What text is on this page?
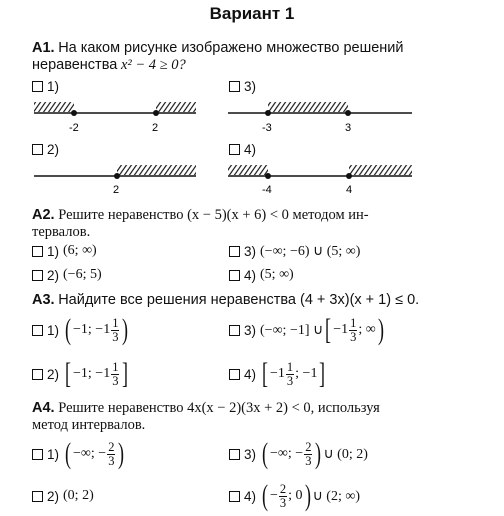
Вариант 1
А1. На каком рисунке изображено множество решений
неравенства x² − 4 ≥ 0?
1)	3)
2)	4)
-2	2	-3	3
2	-4	4
А2. Решите неравенство (x − 5)(x + 6) < 0 методом ин-
тервалов.
1) (6; ∞)	3) (−∞; −6) ∪ (5; ∞)
2) (−6; 5)	4) (5; ∞)
А3. Найдите все решения неравенства (4 + 3x)(x + 1) ≤ 0.
1) ( −1; $-1 \frac{1}{3}$ )	3) (−∞; −1] ∪ [ $-1 \frac{1}{3}$ ; ∞ )
2) [ −1; $-1 \frac{1}{3}$ ]	4) [ $-1 \frac{1}{3}$ ; −1 ]
А4. Решите неравенство 4x(x − 2)(3x + 2) < 0, используя
метод интервалов.
1) ( −∞; − $\frac{2}{3}$ )	3) ( −∞; − $\frac{2}{3}$ ) ∪ (0; 2)
2) (0; 2)	4) ( − $\frac{2}{3}$ ; 0 ) ∪ (2; ∞)
